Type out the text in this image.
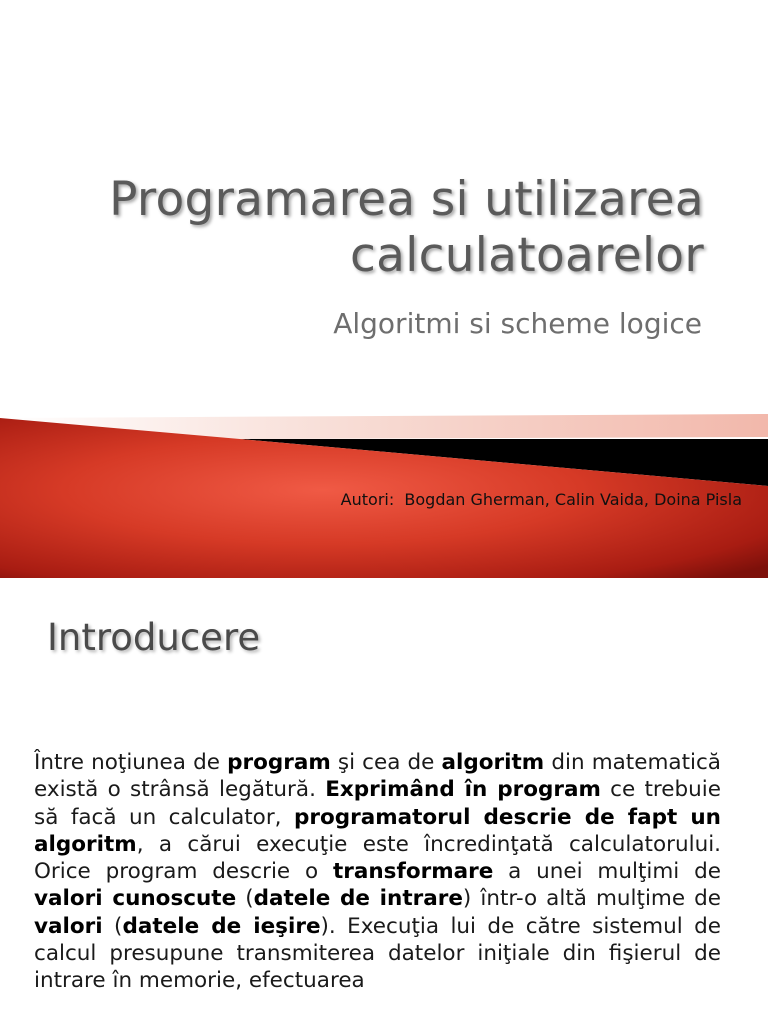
Programarea si utilizarea
calculatoarelor
Algoritmi si scheme logice
Autori:  Bogdan Gherman, Calin Vaida, Doina Pisla
Introducere
Între noţiunea de program şi cea de algoritm din matematică există o strânsă legătură. Exprimând în program ce trebuie să facă un calculator, programatorul descrie de fapt un algoritm, a cărui execuţie este încredinţată calculatorului. Orice program descrie o transformare a unei mulţimi de valori cunoscute (datele de intrare) într-o altă mulţime de valori (datele de ieşire). Execuţia lui de către sistemul de calcul presupune transmiterea datelor iniţiale din fişierul de intrare în memorie, efectuarea
